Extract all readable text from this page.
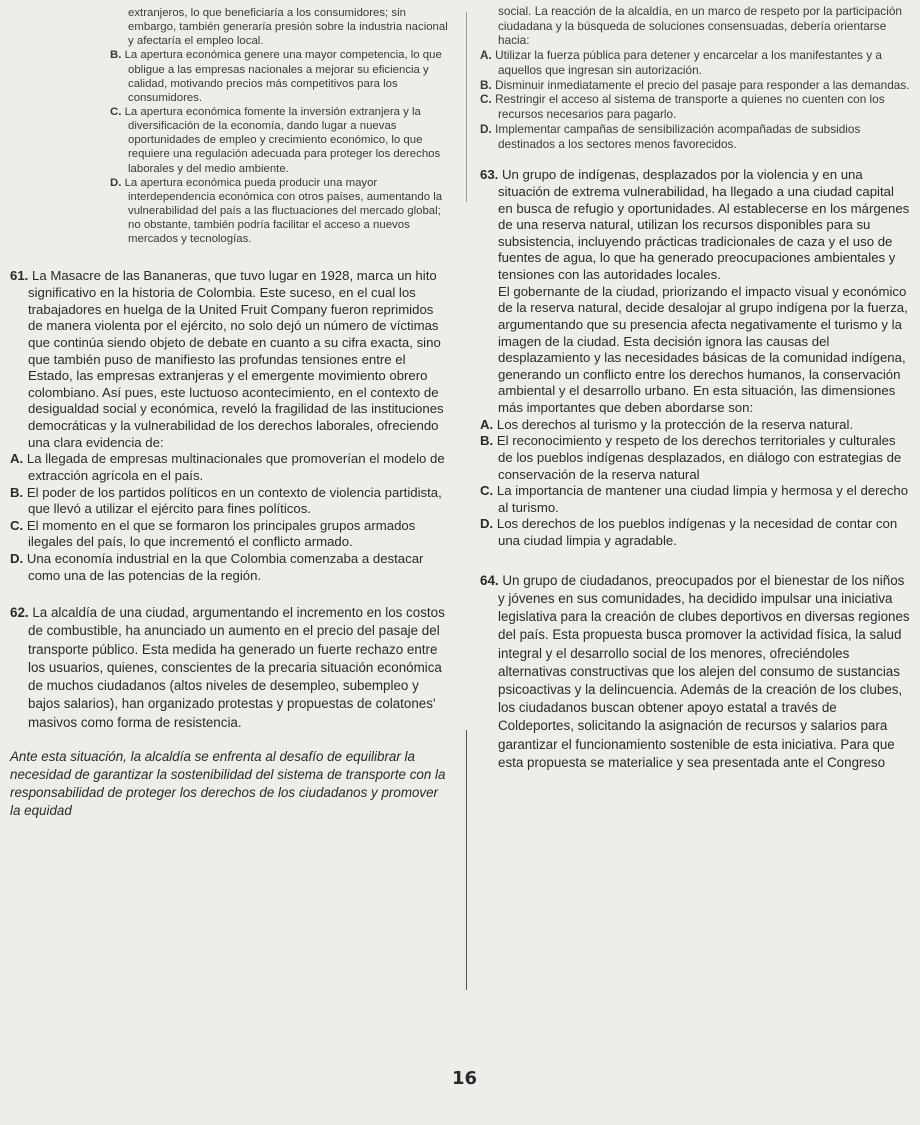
extranjeros, lo que beneficiaría a los consumidores; sin embargo, también generaría presión sobre la industria nacional y afectaría el empleo local.

B. La apertura económica genere una mayor competencia, lo que obligue a las empresas nacionales a mejorar su eficiencia y calidad, motivando precios más competitivos para los consumidores.

C. La apertura económica fomente la inversión extranjera y la diversificación de la economía, dando lugar a nuevas oportunidades de empleo y crecimiento económico, lo que requiere una regulación adecuada para proteger los derechos laborales y del medio ambiente.

D. La apertura económica pueda producir una mayor interdependencia económica con otros países, aumentando la vulnerabilidad del país a las fluctuaciones del mercado global; no obstante, también podría facilitar el acceso a nuevos mercados y tecnologías.

61. La Masacre de las Bananeras, que tuvo lugar en 1928, marca un hito significativo en la historia de Colombia. Este suceso, en el cual los trabajadores en huelga de la United Fruit Company fueron reprimidos de manera violenta por el ejército, no solo dejó un número de víctimas que continúa siendo objeto de debate en cuanto a su cifra exacta, sino que también puso de manifiesto las profundas tensiones entre el Estado, las empresas extranjeras y el emergente movimiento obrero colombiano. Así pues, este luctuoso acontecimiento, en el contexto de desigualdad social y económica, reveló la fragilidad de las instituciones democráticas y la vulnerabilidad de los derechos laborales, ofreciendo una clara evidencia de:

A. La llegada de empresas multinacionales que promoverían el modelo de extracción agrícola en el país.

B. El poder de los partidos políticos en un contexto de violencia partidista, que llevó a utilizar el ejército para fines políticos.

C. El momento en el que se formaron los principales grupos armados ilegales del país, lo que incrementó el conflicto armado.

D. Una economía industrial en la que Colombia comenzaba a destacar como una de las potencias de la región.

62. La alcaldía de una ciudad, argumentando el incremento en los costos de combustible, ha anunciado un aumento en el precio del pasaje del transporte público. Esta medida ha generado un fuerte rechazo entre los usuarios, quienes, conscientes de la precaria situación económica de muchos ciudadanos (altos niveles de desempleo, subempleo y bajos salarios), han organizado protestas y propuestas de ⁠colatones⁠' masivos como forma de resistencia.

Ante esta situación, la alcaldía se enfrenta al desafío de equilibrar la necesidad de garantizar la sostenibilidad del sistema de transporte con la responsabilidad de proteger los derechos de los ciudadanos y promover la equidad

social. La reacción de la alcaldía, en un marco de respeto por la participación ciudadana y la búsqueda de soluciones consensuadas, debería orientarse hacia:

A. Utilizar la fuerza pública para detener y encarcelar a los manifestantes y a aquellos que ingresan sin autorización.

B. Disminuir inmediatamente el precio del pasaje para responder a las demandas.

C. Restringir el acceso al sistema de transporte a quienes no cuenten con los recursos necesarios para pagarlo.

D. Implementar campañas de sensibilización acompañadas de subsidios destinados a los sectores menos favorecidos.

63. Un grupo de indígenas, desplazados por la violencia y en una situación de extrema vulnerabilidad, ha llegado a una ciudad capital en busca de refugio y oportunidades. Al establecerse en los márgenes de una reserva natural, utilizan los recursos disponibles para su subsistencia, incluyendo prácticas tradicionales de caza y el uso de fuentes de agua, lo que ha generado preocupaciones ambientales y tensiones con las autoridades locales.

El gobernante de la ciudad, priorizando el impacto visual y económico de la reserva natural, decide desalojar al grupo indígena por la fuerza, argumentando que su presencia afecta negativamente el turismo y la imagen de la ciudad. Esta decisión ignora las causas del desplazamiento y las necesidades básicas de la comunidad indígena, generando un conflicto entre los derechos humanos, la conservación ambiental y el desarrollo urbano. En esta situación, las dimensiones más importantes que deben abordarse son:

A. Los derechos al turismo y la protección de la reserva natural.

B. El reconocimiento y respeto de los derechos territoriales y culturales de los pueblos indígenas desplazados, en diálogo con estrategias de conservación de la reserva natural

C. La importancia de mantener una ciudad limpia y hermosa y el derecho al turismo.

D. Los derechos de los pueblos indígenas y la necesidad de contar con una ciudad limpia y agradable.

64. Un grupo de ciudadanos, preocupados por el bienestar de los niños y jóvenes en sus comunidades, ha decidido impulsar una iniciativa legislativa para la creación de clubes deportivos en diversas regiones del país. Esta propuesta busca promover la actividad física, la salud integral y el desarrollo social de los menores, ofreciéndoles alternativas constructivas que los alejen del consumo de sustancias psicoactivas y la delincuencia. Además de la creación de los clubes, los ciudadanos buscan obtener apoyo estatal a través de Coldeportes, solicitando la asignación de recursos y salarios para garantizar el funcionamiento sostenible de esta iniciativa. Para que esta propuesta se materialice y sea presentada ante el Congreso

16
